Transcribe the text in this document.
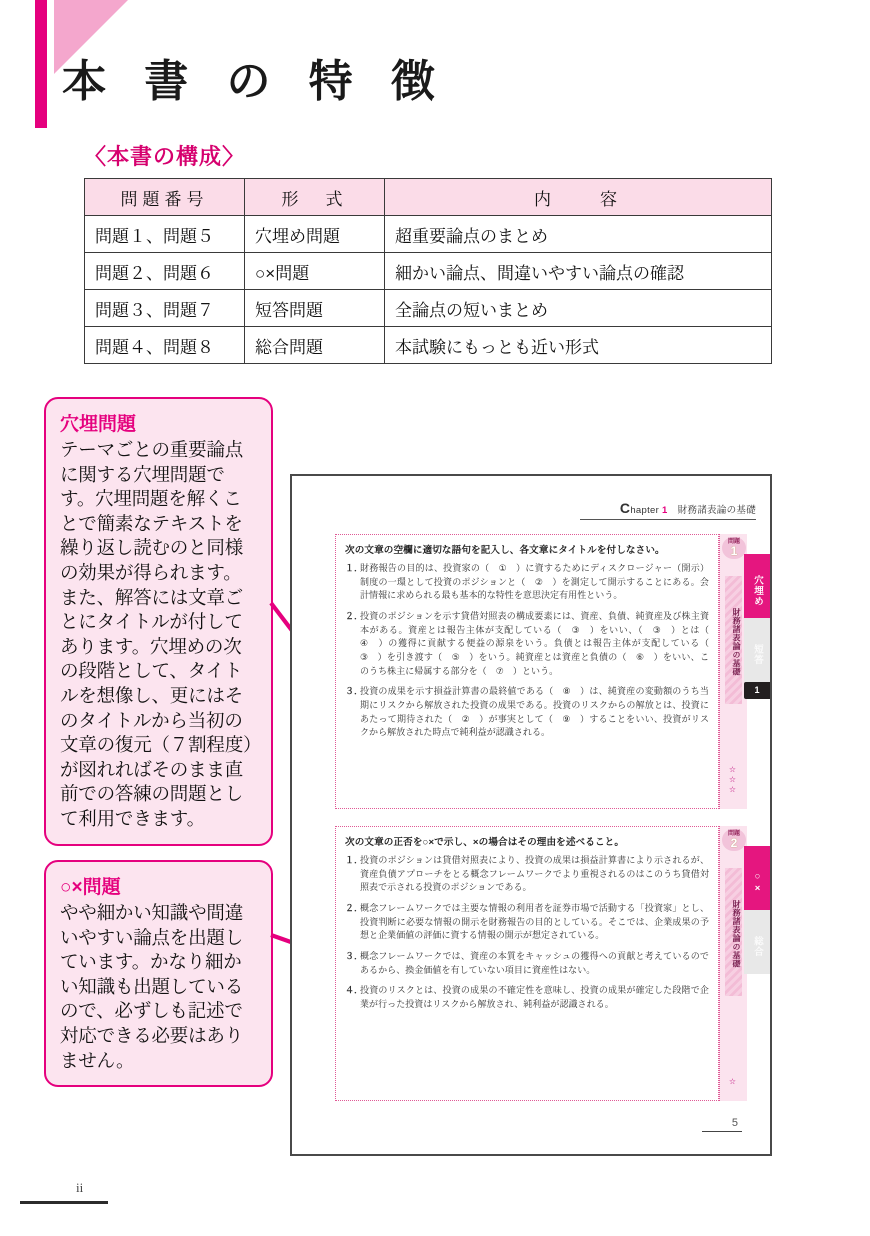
本 書 の 特 徴
〈本書の構成〉
問題番号	形　式	内　　容
問題１、問題５	穴埋め問題	超重要論点のまとめ
問題２、問題６	○×問題	細かい論点、間違いやすい論点の確認
問題３、問題７	短答問題	全論点の短いまとめ
問題４、問題８	総合問題	本試験にもっとも近い形式
穴埋問題
テーマごとの重要論点に関する穴埋問題です。穴埋問題を解くことで簡素なテキストを繰り返し読むのと同様の効果が得られます。また、解答には文章ごとにタイトルが付してあります。穴埋めの次の段階として、タイトルを想像し、更にはそのタイトルから当初の文章の復元（７割程度）が図れればそのまま直前での答練の問題として利用できます。
○×問題
やや細かい知識や間違いやすい論点を出題しています。かなり細かい知識も出題しているので、必ずしも記述で対応できる必要はありません。
Chapter 1 財務諸表論の基礎
次の文章の空欄に適切な語句を記入し、各文章にタイトルを付しなさい。
１．
財務報告の目的は、投資家の（　①　）に資するためにディスクロージャー（開示）制度の一環として投資のポジションと（　②　）を測定して開示することにある。会計情報に求められる最も基本的な特性を意思決定有用性という。
２．
投資のポジションを示す貸借対照表の構成要素には、資産、負債、純資産及び株主資本がある。資産とは報告主体が支配している（　③　）をいい、（　③　）とは（　④　）の獲得に貢献する便益の源泉をいう。負債とは報告主体が支配している（　③　）を引き渡す（　⑤　）をいう。純資産とは資産と負債の（　⑥　）をいい、このうち株主に帰属する部分を（　⑦　）という。
３．
投資の成果を示す損益計算書の最終値である（　⑧　）は、純資産の変動額のうち当期にリスクから解放された投資の成果である。投資のリスクからの解放とは、投資にあたって期待された（　②　）が事実として（　⑨　）することをいい、投資がリスクから解放された時点で純利益が認識される。
問題
1
財務諸表論の基礎
☆☆☆
穴埋め
短答
1
次の文章の正否を○×で示し、×の場合はその理由を述べること。
１．
投資のポジションは貸借対照表により、投資の成果は損益計算書により示されるが、資産負債アプローチをとる概念フレームワークでより重視されるのはこのうち貸借対照表で示される投資のポジションである。
２．
概念フレームワークでは主要な情報の利用者を証券市場で活動する「投資家」とし、投資判断に必要な情報の開示を財務報告の目的としている。そこでは、企業成果の予想と企業価値の評価に資する情報の開示が想定されている。
３．
概念フレームワークでは、資産の本質をキャッシュの獲得への貢献と考えているのであるから、換金価値を有していない項目に資産性はない。
４．
投資のリスクとは、投資の成果の不確定性を意味し、投資の成果が確定した段階で企業が行った投資はリスクから解放され、純利益が認識される。
問題
2
財務諸表論の基礎
☆
○×
総合
5
ii
